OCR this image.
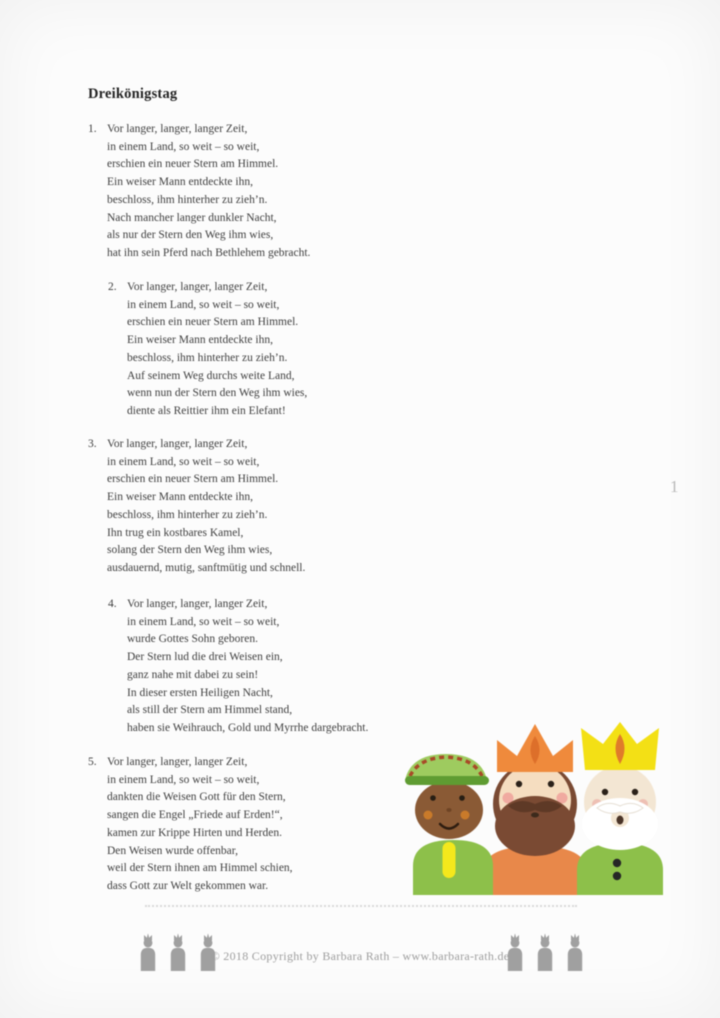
Dreikönigstag
1. Vor langer, langer, langer Zeit,
in einem Land, so weit – so weit,
erschien ein neuer Stern am Himmel.
Ein weiser Mann entdeckte ihn,
beschloss, ihm hinterher zu zieh’n.
Nach mancher langer dunkler Nacht,
als nur der Stern den Weg ihm wies,
hat ihn sein Pferd nach Bethlehem gebracht.
2. Vor langer, langer, langer Zeit,
in einem Land, so weit – so weit,
erschien ein neuer Stern am Himmel.
Ein weiser Mann entdeckte ihn,
beschloss, ihm hinterher zu zieh’n.
Auf seinem Weg durchs weite Land,
wenn nun der Stern den Weg ihm wies,
diente als Reittier ihm ein Elefant!
3. Vor langer, langer, langer Zeit,
in einem Land, so weit – so weit,
erschien ein neuer Stern am Himmel.
Ein weiser Mann entdeckte ihn,
beschloss, ihm hinterher zu zieh’n.
Ihn trug ein kostbares Kamel,
solang der Stern den Weg ihm wies,
ausdauernd, mutig, sanftmütig und schnell.
4. Vor langer, langer, langer Zeit,
in einem Land, so weit – so weit,
wurde Gottes Sohn geboren.
Der Stern lud die drei Weisen ein,
ganz nahe mit dabei zu sein!
In dieser ersten Heiligen Nacht,
als still der Stern am Himmel stand,
haben sie Weihrauch, Gold und Myrrhe dargebracht.
5. Vor langer, langer, langer Zeit,
in einem Land, so weit – so weit,
dankten die Weisen Gott für den Stern,
sangen die Engel „Friede auf Erden!“,
kamen zur Krippe Hirten und Herden.
Den Weisen wurde offenbar,
weil der Stern ihnen am Himmel schien,
dass Gott zur Welt gekommen war.
1
© 2018 Copyright by Barbara Rath – www.barbara-rath.de
